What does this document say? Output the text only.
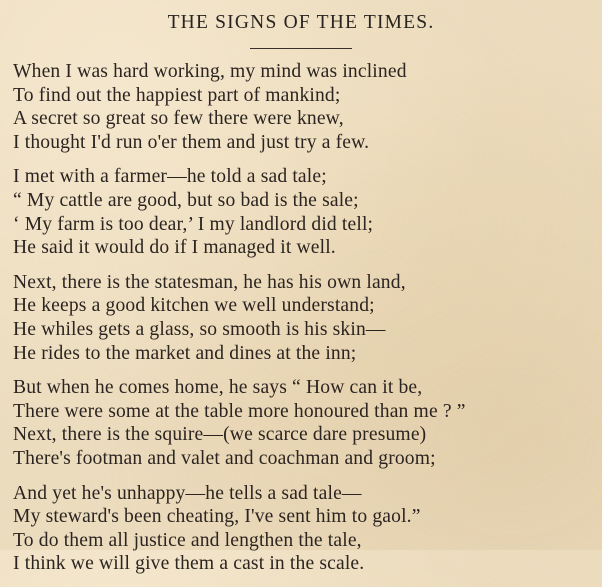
THE SIGNS OF THE TIMES.
When I was hard working, my mind was inclined
To find out the happiest part of mankind;
A secret so great so few there were knew,
I thought I'd run o'er them and just try a few.
I met with a farmer—he told a sad tale;
“ My cattle are good, but so bad is the sale;
‘ My farm is too dear,’ I my landlord did tell;
He said it would do if I managed it well.
Next, there is the statesman, he has his own land,
He keeps a good kitchen we well understand;
He whiles gets a glass, so smooth is his skin—
He rides to the market and dines at the inn;
But when he comes home, he says “ How can it be,
There were some at the table more honoured than me ? ”
Next, there is the squire—(we scarce dare presume)
There's footman and valet and coachman and groom;
And yet he's unhappy—he tells a sad tale—
My steward's been cheating, I've sent him to gaol.”
To do them all justice and lengthen the tale,
I think we will give them a cast in the scale.
